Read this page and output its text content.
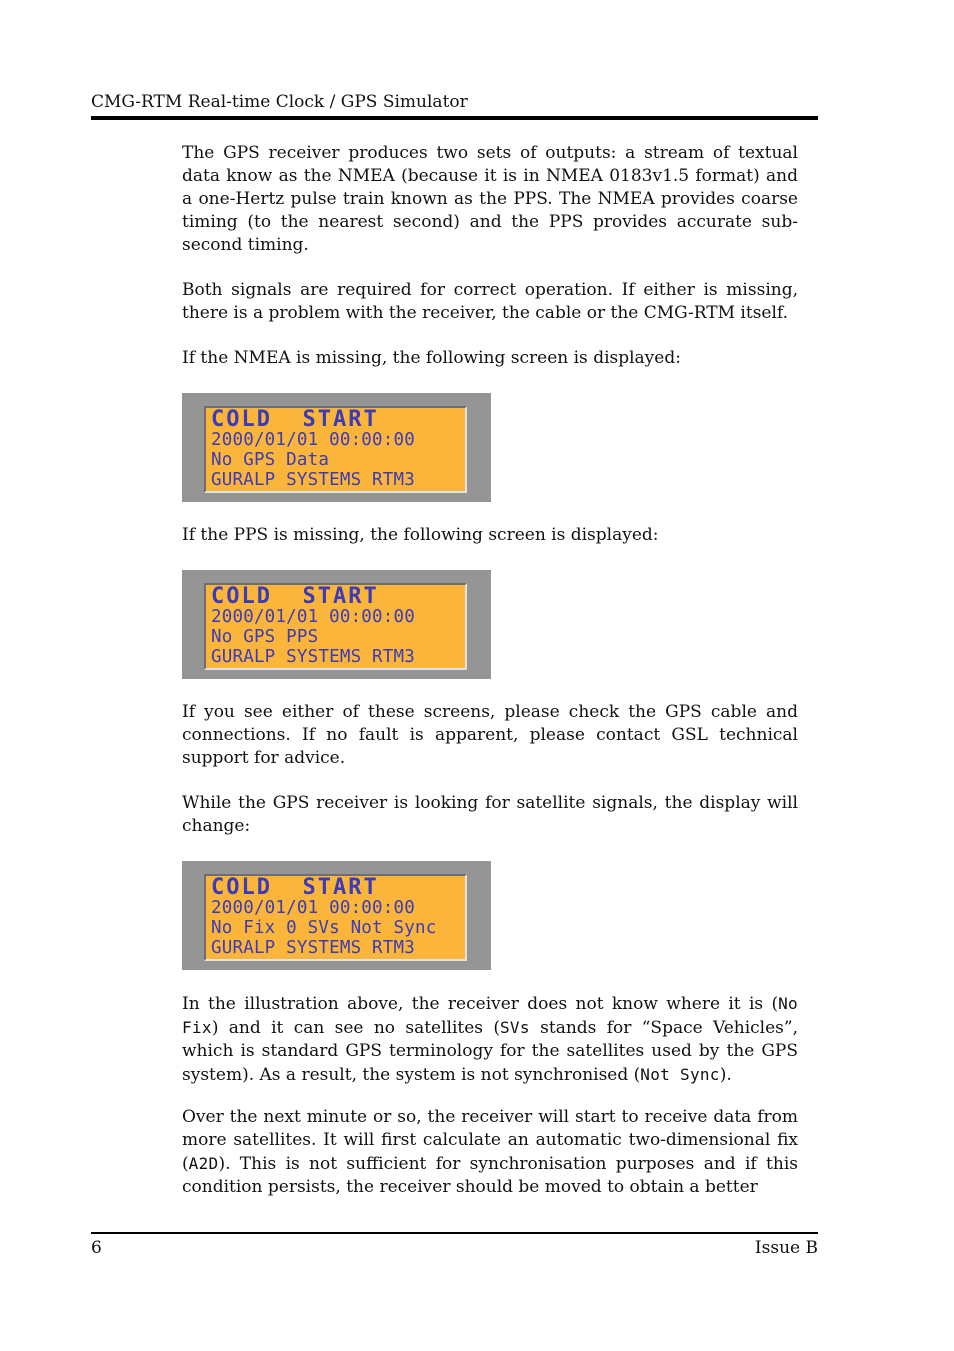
CMG-RTM Real-time Clock / GPS Simulator

The GPS receiver produces two sets of outputs: a stream of textual data know as the NMEA (because it is in NMEA 0183v1.5 format) and a one-Hertz pulse train known as the PPS. The NMEA provides coarse timing (to the nearest second) and the PPS provides accurate sub-second timing.

Both signals are required for correct operation. If either is missing, there is a problem with the receiver, the cable or the CMG-RTM itself.

If the NMEA is missing, the following screen is displayed:

COLD  START
2000/01/01 00:00:00
No GPS Data
GURALP SYSTEMS RTM3

If the PPS is missing, the following screen is displayed:

COLD  START
2000/01/01 00:00:00
No GPS PPS
GURALP SYSTEMS RTM3

If you see either of these screens, please check the GPS cable and connections. If no fault is apparent, please contact GSL technical support for advice.

While the GPS receiver is looking for satellite signals, the display will change:

COLD  START
2000/01/01 00:00:00
No Fix 0 SVs Not Sync
GURALP SYSTEMS RTM3

In the illustration above, the receiver does not know where it is (No Fix) and it can see no satellites (SVs stands for “Space Vehicles”, which is standard GPS terminology for the satellites used by the GPS system). As a result, the system is not synchronised (Not Sync).

Over the next minute or so, the receiver will start to receive data from more satellites. It will first calculate an automatic two-dimensional fix (A2D). This is not sufficient for synchronisation purposes and if this condition persists, the receiver should be moved to obtain a better

6	Issue B
